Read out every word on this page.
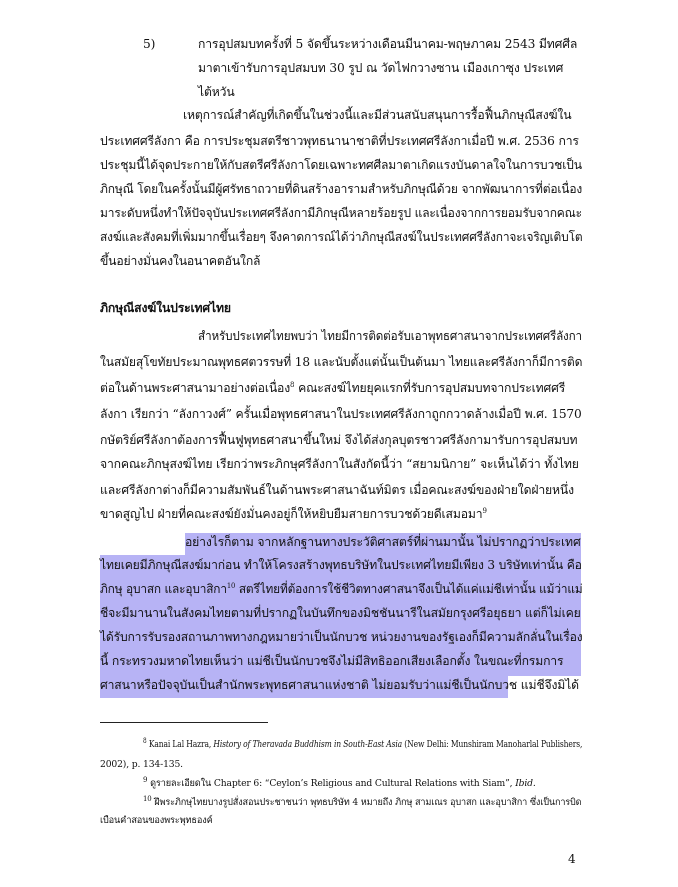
5)	การอุปสมบทครั้งที่ 5 จัดขึ้นระหว่างเดือนมีนาคม-พฤษภาคม 2543 มีทศศีล
มาตาเข้ารับการอุปสมบท 30 รูป ณ วัดไฟกวางซาน เมืองเกาซุง ประเทศ
ไต้หวัน
เหตุการณ์สำคัญที่เกิดขึ้นในช่วงนี้และมีส่วนสนับสนุนการรื้อฟื้นภิกษุณีสงฆ์ใน
ประเทศศรีลังกา คือ การประชุมสตรีชาวพุทธนานาชาติที่ประเทศศรีลังกาเมื่อปี พ.ศ. 2536 การ
ประชุมนี้ได้จุดประกายให้กับสตรีศรีลังกาโดยเฉพาะทศศีลมาตาเกิดแรงบันดาลใจในการบวชเป็น
ภิกษุณี โดยในครั้งนั้นมีผู้ศรัทธาถวายที่ดินสร้างอารามสำหรับภิกษุณีด้วย จากพัฒนาการที่ต่อเนื่อง
มาระดับหนึ่งทำให้ปัจจุบันประเทศศรีลังกามีภิกษุณีหลายร้อยรูป และเนื่องจากการยอมรับจากคณะ
สงฆ์และสังคมที่เพิ่มมากขึ้นเรื่อยๆ จึงคาดการณ์ได้ว่าภิกษุณีสงฆ์ในประเทศศรีลังกาจะเจริญเติบโต
ขึ้นอย่างมั่นคงในอนาคตอันใกล้
ภิกษุณีสงฆ์ในประเทศไทย
สำหรับประเทศไทยพบว่า ไทยมีการติดต่อรับเอาพุทธศาสนาจากประเทศศรีลังกา
ในสมัยสุโขทัยประมาณพุทธศตวรรษที่ 18 และนับตั้งแต่นั้นเป็นต้นมา ไทยและศรีลังกาก็มีการติด
ต่อในด้านพระศาสนามาอย่างต่อเนื่อง$^8$ คณะสงฆ์ไทยยุคแรกที่รับการอุปสมบทจากประเทศศรี
ลังกา เรียกว่า “ลังกาวงศ์” ครั้นเมื่อพุทธศาสนาในประเทศศรีลังกาถูกกวาดล้างเมื่อปี พ.ศ. 1570
กษัตริย์ศรีลังกาต้องการฟื้นฟูพุทธศาสนาขึ้นใหม่ จึงได้ส่งกุลบุตรชาวศรีลังกามารับการอุปสมบท
จากคณะภิกษุสงฆ์ไทย เรียกว่าพระภิกษุศรีลังกาในสังกัดนี้ว่า “สยามนิกาย” จะเห็นได้ว่า ทั้งไทย
และศรีลังกาต่างก็มีความสัมพันธ์ในด้านพระศาสนาฉันท์มิตร เมื่อคณะสงฆ์ของฝ่ายใดฝ่ายหนึ่ง
ขาดสูญไป ฝ่ายที่คณะสงฆ์ยังมั่นคงอยู่ก็ให้หยิบยืมสายการบวชด้วยดีเสมอมา$^9$
อย่างไรก็ตาม จากหลักฐานทางประวัติศาสตร์ที่ผ่านมานั้น ไม่ปรากฏว่าประเทศ
ไทยเคยมีภิกษุณีสงฆ์มาก่อน ทำให้โครงสร้างพุทธบริษัทในประเทศไทยมีเพียง 3 บริษัทเท่านั้น คือ
ภิกษุ อุบาสก และอุบาสิกา$^{10}$ สตรีไทยที่ต้องการใช้ชีวิตทางศาสนาจึงเป็นได้แค่แม่ชีเท่านั้น แม้ว่าแม่
ชีจะมีมานานในสังคมไทยตามที่ปรากฏในบันทึกของมิชชันนารีในสมัยกรุงศรีอยุธยา แต่ก็ไม่เคย
ได้รับการรับรองสถานภาพทางกฎหมายว่าเป็นนักบวช หน่วยงานของรัฐเองก็มีความลักลั่นในเรื่อง
นี้ กระทรวงมหาดไทยเห็นว่า แม่ชีเป็นนักบวชจึงไม่มีสิทธิออกเสียงเลือกตั้ง ในขณะที่กรมการ
ศาสนาหรือปัจจุบันเป็นสำนักพระพุทธศาสนาแห่งชาติ ไม่ยอมรับว่าแม่ชีเป็นนักบวช แม่ชีจึงมิได้
$^8$ Kanai Lal Hazra, History of Theravada Buddhism in South-East Asia (New Delhi: Munshiram Manoharlal Publishers,
2002), p. 134-135.
$^9$ ดูรายละเอียดใน Chapter 6: “Ceylon’s Religious and Cultural Relations with Siam”, Ibid.
$^{10}$ ฝึพระภิกษุไทยบางรูปสั่งสอนประชาชนว่า พุทธบริษัท 4 หมายถึง ภิกษุ สามเณร อุบาสก และอุบาสิกา ซึ่งเป็นการบิด
เบือนคำสอนของพระพุทธองค์
4
